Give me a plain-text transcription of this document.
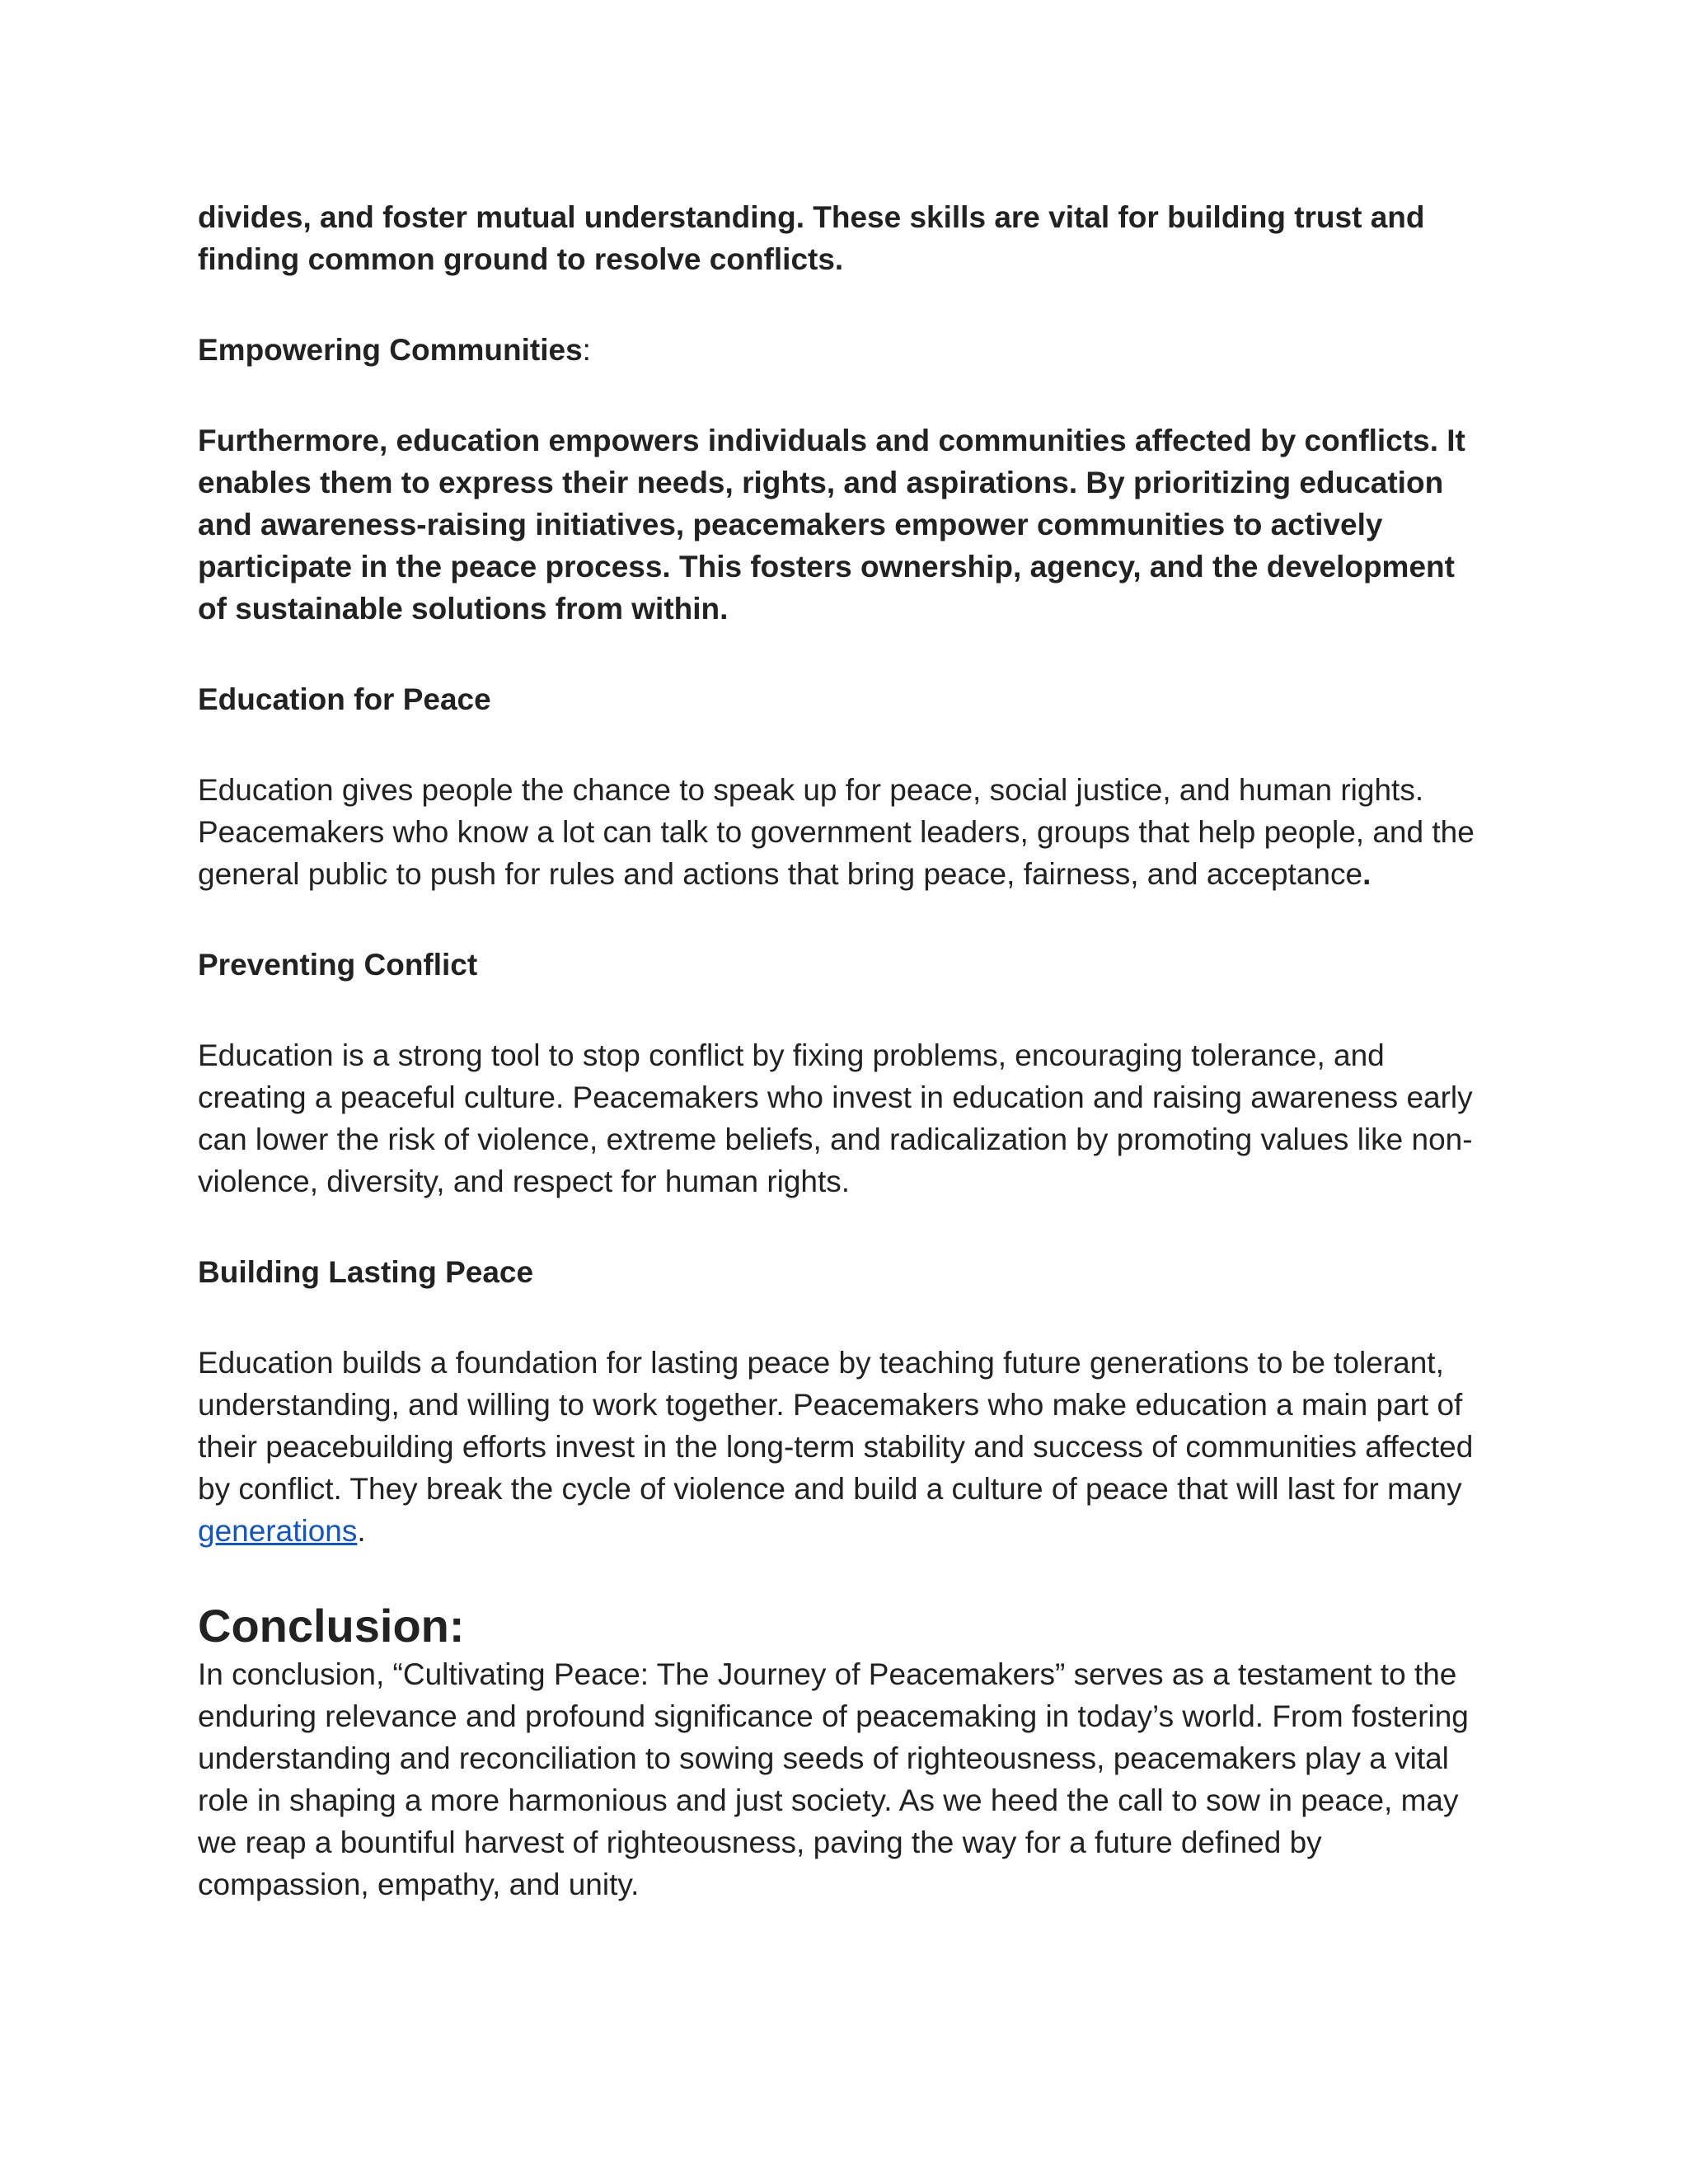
divides, and foster mutual understanding. These skills are vital for building trust and finding common ground to resolve conflicts.

Empowering Communities:

Furthermore, education empowers individuals and communities affected by conflicts. It enables them to express their needs, rights, and aspirations. By prioritizing education and awareness-raising initiatives, peacemakers empower communities to actively participate in the peace process. This fosters ownership, agency, and the development of sustainable solutions from within.

Education for Peace

Education gives people the chance to speak up for peace, social justice, and human rights. Peacemakers who know a lot can talk to government leaders, groups that help people, and the general public to push for rules and actions that bring peace, fairness, and acceptance.

Preventing Conflict

Education is a strong tool to stop conflict by fixing problems, encouraging tolerance, and creating a peaceful culture. Peacemakers who invest in education and raising awareness early can lower the risk of violence, extreme beliefs, and radicalization by promoting values like non-violence, diversity, and respect for human rights.

Building Lasting Peace

Education builds a foundation for lasting peace by teaching future generations to be tolerant, understanding, and willing to work together. Peacemakers who make education a main part of their peacebuilding efforts invest in the long-term stability and success of communities affected by conflict. They break the cycle of violence and build a culture of peace that will last for many generations.

Conclusion:

In conclusion, “Cultivating Peace: The Journey of Peacemakers” serves as a testament to the enduring relevance and profound significance of peacemaking in today’s world. From fostering understanding and reconciliation to sowing seeds of righteousness, peacemakers play a vital role in shaping a more harmonious and just society. As we heed the call to sow in peace, may we reap a bountiful harvest of righteousness, paving the way for a future defined by compassion, empathy, and unity.
